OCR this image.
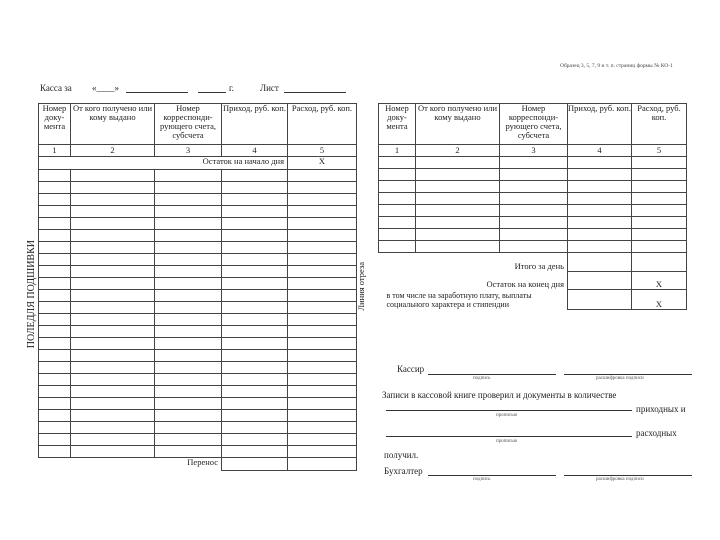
Образец 3, 5, 7, 9 и т. п. страниц формы № КО-1
Касса за «____»	г.	Лист
ПОЛЕДЛЯ ПОДШИВКИ
Номер доку-мента	От кого получено или кому выдано	Номер корреспонди-рующего счета, субсчета	Приход, руб. коп.	Расход, руб. коп.
1	2	3	4	5
Остаток на начало дня				X

Перенос				
Линия отреза
Номер доку-мента	От кого получено или кому выдано	Номер корреспонди-рующего счета, субсчета	Приход, руб. коп.	Расход, руб. коп.
1	2	3	4	5

Итого за день				
Остаток на конец дня				X
в том числе на заработную плату, выплаты социального характера и стипендии				X
Кассир
подпись	расшифровка подписи
Записи в кассовой книге проверил и документы в количестве
приходных и
прописью
расходных
прописью
получил.
Бухгалтер
подпись	расшифровка подписи
